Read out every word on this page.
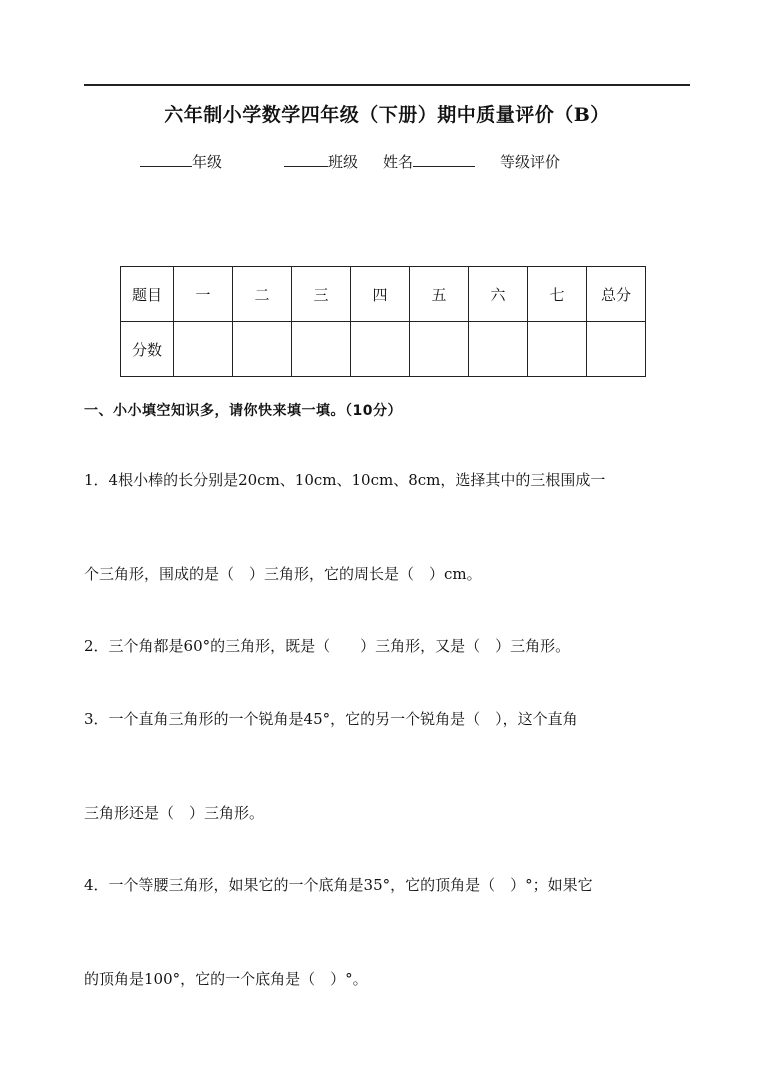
六年制小学数学四年级（下册）期中质量评价（B）
年级	班级 姓名	等级评价
题目	一	二	三	四	五	六	七	总分
分数								
一、小小填空知识多，请你快来填一填。（10分）
1．4根小棒的长分别是20cm、10cm、10cm、8cm，选择其中的三根围成一
个三角形，围成的是（　）三角形，它的周长是（　）cm。
2．三个角都是60°的三角形，既是（　　）三角形，又是（　）三角形。
3．一个直角三角形的一个锐角是45°，它的另一个锐角是（　），这个直角
三角形还是（　）三角形。
4．一个等腰三角形，如果它的一个底角是35°，它的顶角是（　）°；如果它
的顶角是100°，它的一个底角是（　）°。
